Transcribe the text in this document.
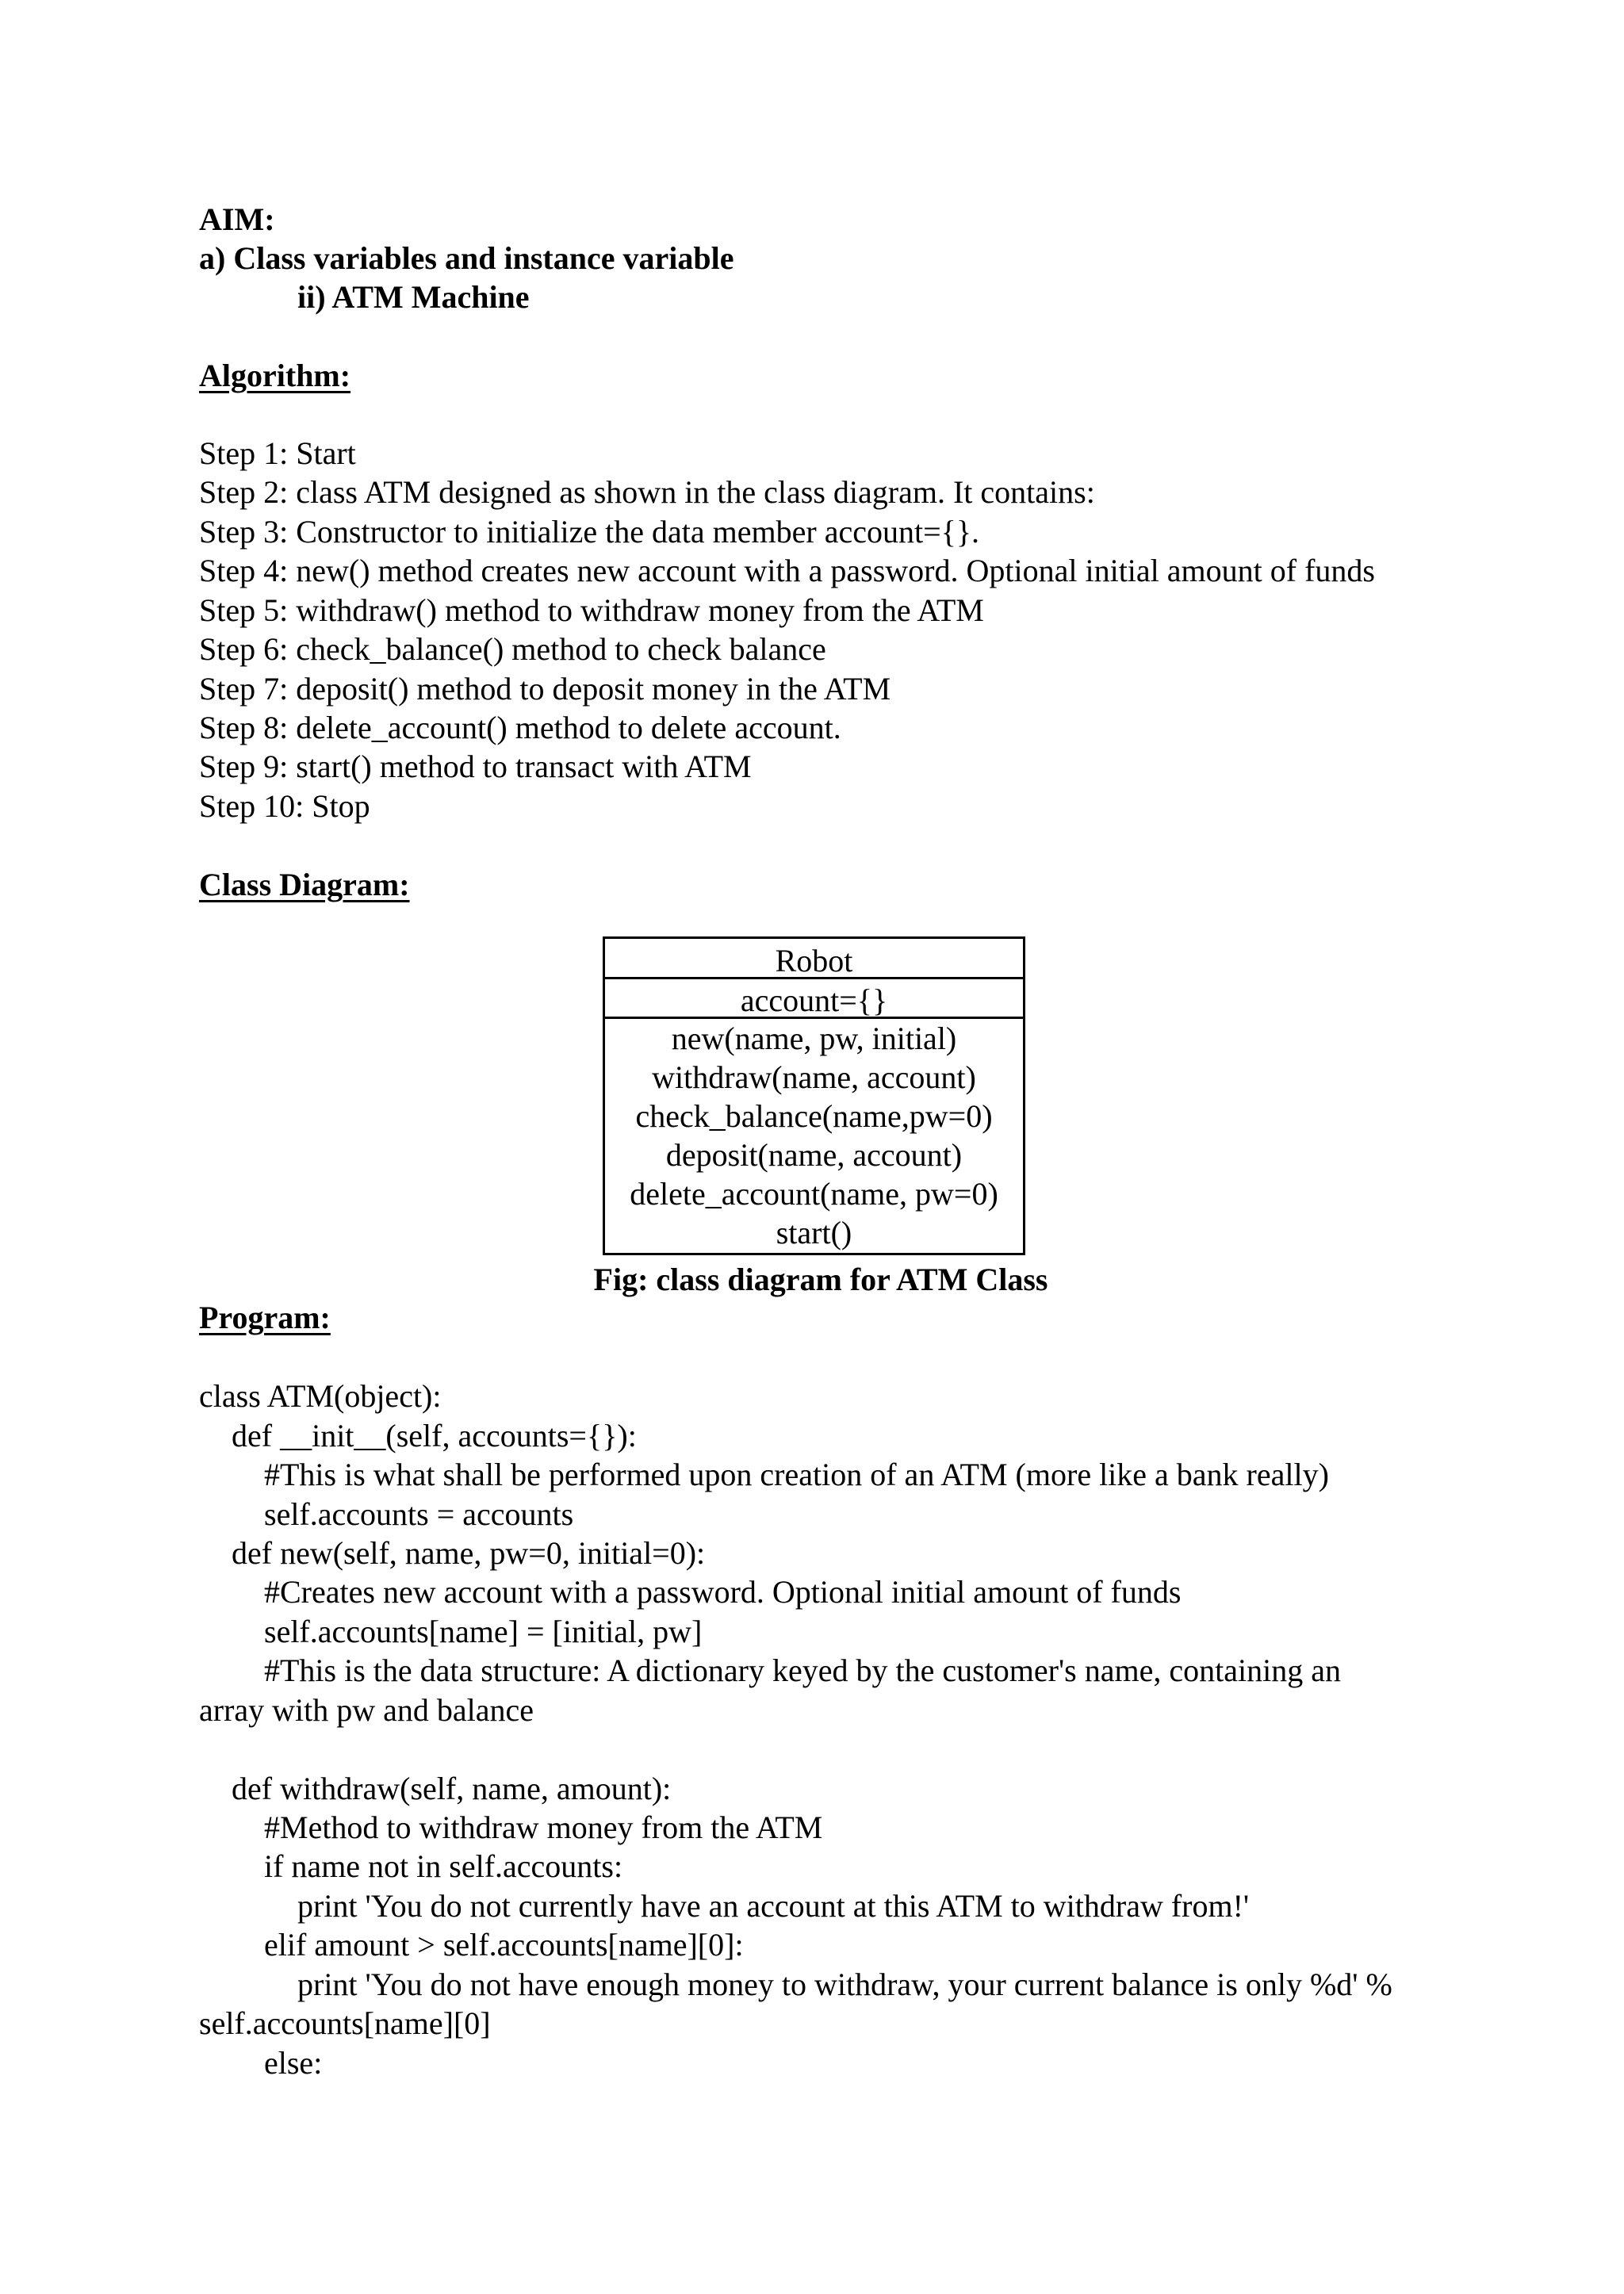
AIM:
a) Class variables and instance variable
ii) ATM Machine
Algorithm:
Step 1: Start
Step 2: class ATM designed as shown in the class diagram. It contains:
Step 3: Constructor to initialize the data member account={}.
Step 4: new() method creates new account with a password. Optional initial amount of funds
Step 5: withdraw() method to withdraw money from the ATM
Step 6: check_balance() method to check balance
Step 7: deposit() method to deposit money in the ATM
Step 8: delete_account() method to delete account.
Step 9: start() method to transact with ATM
Step 10: Stop
Class Diagram:
Robot
account={}
new(name, pw, initial)
withdraw(name, account)
check_balance(name,pw=0)
deposit(name, account)
delete_account(name, pw=0)
start()
Fig: class diagram for ATM Class
Program:
class ATM(object):
def __init__(self, accounts={}):
#This is what shall be performed upon creation of an ATM (more like a bank really)
self.accounts = accounts
def new(self, name, pw=0, initial=0):
#Creates new account with a password. Optional initial amount of funds
self.accounts[name] = [initial, pw]
#This is the data structure: A dictionary keyed by the customer's name, containing an
array with pw and balance
def withdraw(self, name, amount):
#Method to withdraw money from the ATM
if name not in self.accounts:
print 'You do not currently have an account at this ATM to withdraw from!'
elif amount > self.accounts[name][0]:
print 'You do not have enough money to withdraw, your current balance is only %d' %
self.accounts[name][0]
else:
